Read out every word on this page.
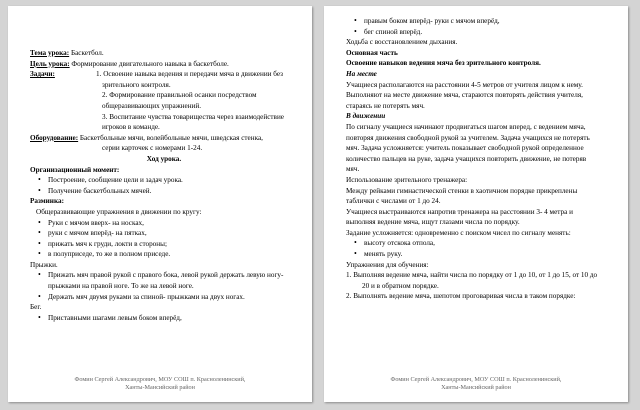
Тема урока: Баскетбол.
Цель урока: Формирование двигательного навыка в баскетболе.
Задачи:	1. Освоение навыка ведения и передачи мяча в движении без
зрительного контроля.
2. Формирование правильной осанки посредством
общеразвивающих упражнений.
3. Воспитание чувства товарищества через взаимодействие
игроков в команде.
Оборудование: Баскетбольные мячи, волейбольные мячи, шведская стенка,
серии карточек с номерами 1-24.
Ход урока.
Организационный момент:
• Построение, сообщение цели и задач урока.
• Получение баскетбольных мячей.
Разминка:
Общеразвивающие упражнения в движении по кругу:
• Руки с мячом вверх- на носках,
• руки с мячом вперёд- на пятках,
• прижать мяч к груди, локти в стороны;
• в полуприседе, то же в полном приседе.
Прыжки.
• Прижать мяч правой рукой с правого бока, левой рукой держать левую ногу-
прыжками на правой ноге. То же на левой ноге.
• Держать мяч двумя руками за спиной- прыжками на двух ногах.
Бег.
• Приставными шагами левым боком вперёд,
Фомин Сергей Александрович, МОУ СОШ п. Красноленинский,
Ханты-Мансийский район
• правым боком вперёд- руки с мячом вперёд,
• бег спиной вперёд.
Ходьба с восстановлением дыхания.
Основная часть
Освоение навыков ведения мяча без зрительного контроля.
На месте
Учащиеся располагаются на расстоянии 4-5 метров от учителя лицом к нему.
Выполняют на месте движение мяча, стараются повторять действия учителя,
стараясь не потерять мяч.
В движении
По сигналу учащиеся начинают продвигаться шагом вперед, с ведением мяча,
повторяя движения свободной рукой за учителем. Задача учащихся не потерять
мяч. Задача усложняется: учитель показывает свободной рукой определенное
количество пальцев на руке, задача учащихся повторить движение, не потеряв
мяч.
Использование зрительного тренажера:
Между рейками гимнастической стенки в хаотичном порядке прикреплены
таблички с числами от 1 до 24.
Учащиеся выстраиваются напротив тренажера на расстоянии 3- 4 метра и
выполняя ведение мяча, ищут глазами числа по порядку.
Задание усложняется: одновременно с поиском чисел по сигналу менять:
• высоту отскока отпола,
• менять руку.
Упражнения для обучения:
1. Выполняя ведение мяча, найти числа по порядку от 1 до 10, от 1 до 15, от 10 до
20 и в обратном порядке.
2. Выполнять ведение мяча, шепотом проговаривая числа в таком порядке:
Фомин Сергей Александрович, МОУ СОШ п. Красноленинский,
Ханты-Мансийский район
